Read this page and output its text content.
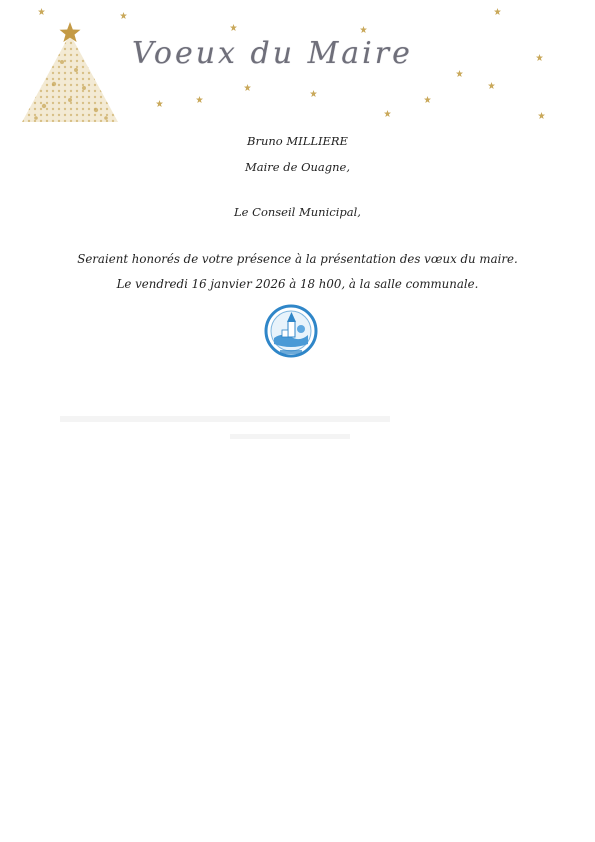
Voeux du Maire
Bruno MILLIERE
Maire de Ouagne,
Le Conseil Municipal,
Seraient honorés de votre présence à la présentation des vœux du maire.
Le vendredi 16 janvier 2026 à 18 h00, à la salle communale.
